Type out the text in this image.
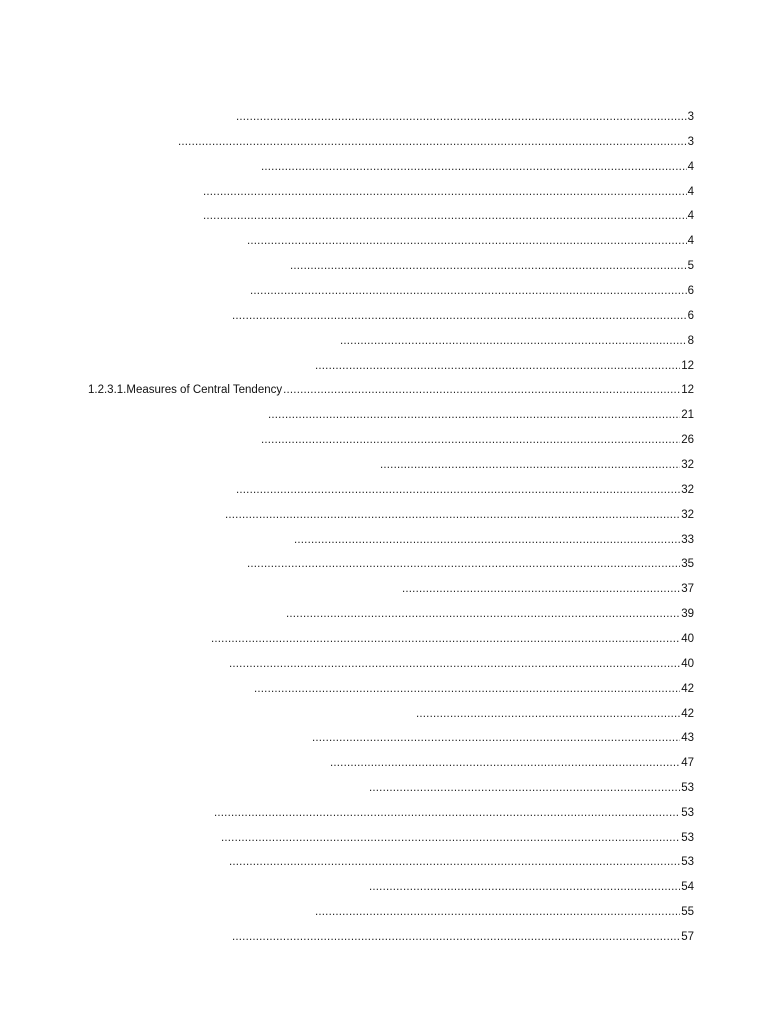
.....
3
.....
3
.....
4
.....
4
.....
4
.....
4
.....
5
.....
6
.....
6
.....
8
.....
12
1.2.3.1.Measures of Central Tendency
.....	12
.....
21
.....
26
.....
32
.....
32
.....
32
.....
33
.....
35
.....
37
.....
39
.....
40
.....
40
.....
42
.....
42
.....
43
.....
47
.....
53
.....
53
.....
53
.....
53
.....
54
.....
55
.....
57
